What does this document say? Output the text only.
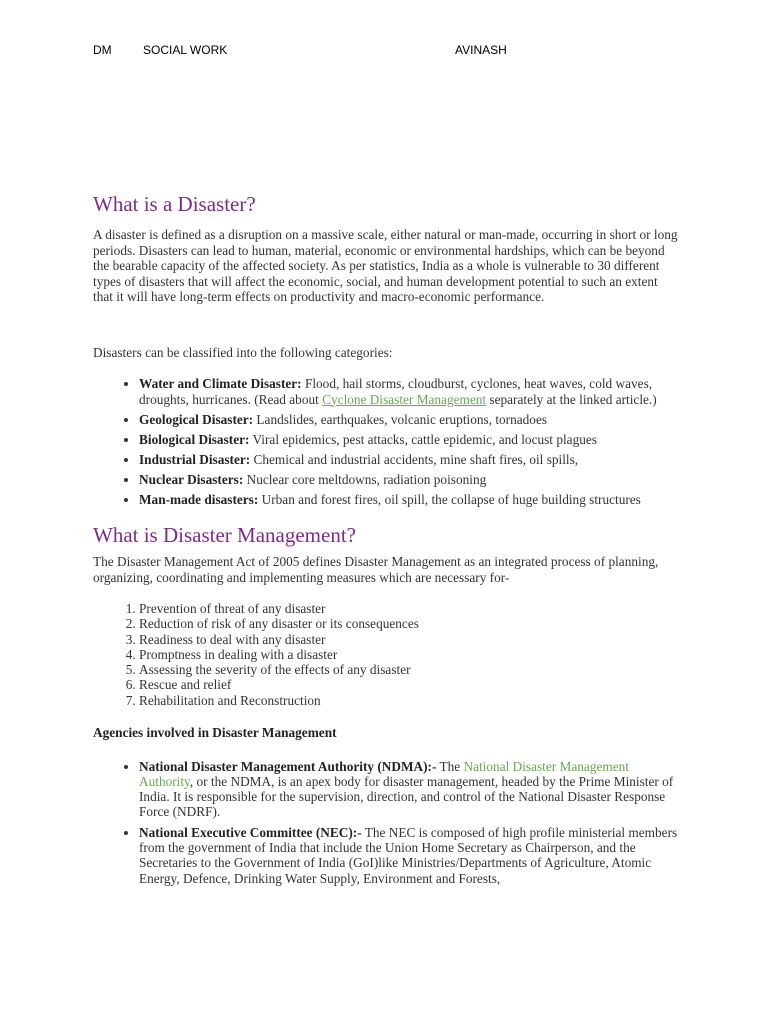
DM	SOCIAL WORK	AVINASH
What is a Disaster?

A disaster is defined as a disruption on a massive scale, either natural or man-made, occurring in short or long periods. Disasters can lead to human, material, economic or environmental hardships, which can be beyond the bearable capacity of the affected society. As per statistics, India as a whole is vulnerable to 30 different types of disasters that will affect the economic, social, and human development potential to such an extent that it will have long-term effects on productivity and macro-economic performance.

Disasters can be classified into the following categories:

• Water and Climate Disaster: Flood, hail storms, cloudburst, cyclones, heat waves, cold waves, droughts, hurricanes. (Read about Cyclone Disaster Management separately at the linked article.)
• Geological Disaster: Landslides, earthquakes, volcanic eruptions, tornadoes
• Biological Disaster: Viral epidemics, pest attacks, cattle epidemic, and locust plagues
• Industrial Disaster: Chemical and industrial accidents, mine shaft fires, oil spills,
• Nuclear Disasters: Nuclear core meltdowns, radiation poisoning
• Man-made disasters: Urban and forest fires, oil spill, the collapse of huge building structures
What is Disaster Management?

The Disaster Management Act of 2005 defines Disaster Management as an integrated process of planning, organizing, coordinating and implementing measures which are necessary for-

1. Prevention of threat of any disaster
2. Reduction of risk of any disaster or its consequences
3. Readiness to deal with any disaster
4. Promptness in dealing with a disaster
5. Assessing the severity of the effects of any disaster
6. Rescue and relief
7. Rehabilitation and Reconstruction
Agencies involved in Disaster Management
• National Disaster Management Authority (NDMA):- The National Disaster Management Authority, or the NDMA, is an apex body for disaster management, headed by the Prime Minister of India. It is responsible for the supervision, direction, and control of the National Disaster Response Force (NDRF).
• National Executive Committee (NEC):- The NEC is composed of high profile ministerial members from the government of India that include the Union Home Secretary as Chairperson, and the Secretaries to the Government of India (GoI)like Ministries/Departments of Agriculture, Atomic Energy, Defence, Drinking Water Supply, Environment and Forests,
